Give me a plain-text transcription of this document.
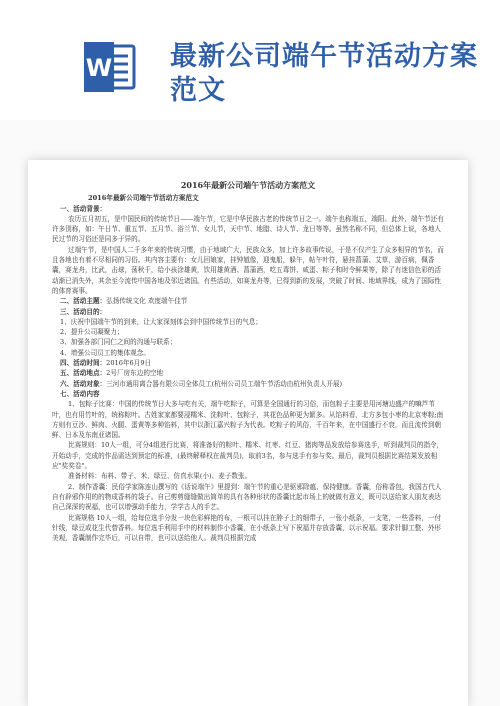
W 最新公司端午节活动方案范文
2016年最新公司端午节活动方案范文
2016年最新公司端午节活动方案范文
一、活动背景：
农历五月初五，是中国民间的传统节日——端午节，它是中华民族古老的传统节日之一。端午也称端五，端阳。此外，端午节还有许多别称，如：午日节、重五节、五月节、浴兰节、女儿节，天中节、地腊、诗人节、龙日等等。虽然名称不同，但总体上说，各地人民过节的习俗还是同多于异的。
过端午节，是中国人二千多年来的传统习惯，由于地域广大，民族众多，加上许多故事传说，于是不仅产生了众多相异的节名，而且各地也有着不尽相同的习俗。其内容主要有：女儿回娘家，挂钟馗像，迎鬼船，躲午，帖午叶符，悬挂菖蒲、艾草，游百病，佩香囊，赛龙舟，比武，击球，荡秋千，给小孩涂雄黄，饮用雄黄酒、菖蒲酒，吃五毒饼、咸蛋、粽子和时令鲜果等，除了有迷信色彩的活动渐已消失外，其余至今流传中国各地及邻近诸国。有些活动，如赛龙舟等，已得到新的发展，突破了时间、地域界线，成为了国际性的体育赛事。
二、活动主题：弘扬传统文化 欢度端午佳节
三、活动目的：
1、庆祝中国端午节的到来，让大家深刻体会到中国传统节日的气息；
2、提升公司凝聚力；
3、加强各部门同仁之间的沟通与联系；
4、增强公司员工的集体观念。
四、活动时间：2016年6月9日
五、活动地点：2号厂房东边的空地
六、活动对象：三河市通用离合器有限公司全体员工(杭州公司员工端午节活动由杭州负责人开展)
七、活动内容
1、包粽子比赛：中国的传统节日大多与吃有关，端午吃粽子，可算是全国通行的习俗，而包粽子主要是用河塘边盛产的嘛芦苇叶，也有用竹叶的，统称粽叶。古姓家家都要浸糯米、洗粽叶、包粽子，其花色品种更为繁多。从馅料看，北方多包小枣的北京枣粽;南方则有豆沙、鲜肉、火腿、蛋黄等多种馅料，其中以浙江嘉兴粽子为代表。吃粽子的风俗，千百年来，在中国盛行不衰，而且流传到朝鲜、日本及东南亚诸国。
比赛规则：10人一组，可分4组进行比赛，将准备好的粽叶、糯米、红枣、红豆、猪肉等品发放给参赛选手，听到裁判员的指令，开始动手，完成的作品需达到预定的标准，(最终解释权在裁判员)，取前3名，参与选手有参与奖。最后，裁判员根据比赛结果发放相应"奖奖卷"。
准备材料：布料、带子、米、绿豆、仿真水果(小)、麦子数张。
2、制作香囊：民俗学家陈连山撰写的《话说端午》里提到：端午节的重心是驱邪除瘟、保持健康。香囊，俗称香包，我国古代人自有辟邪作用的的物成香料的袋子。自己剪剪缝缝做出简单的具有各种形状的香囊比起市场上的就做有意义，既可以送给家人朋友表达自己深深的祝福，也可以增强动手能力，学学古人的手艺。
比赛规格 10人一组，给每位选手分发一块色彩鲜艳的布，一根可以挂在脖子上的细带子，一张小纸条，一支笔，一些香料，一付针线，绿豆或花生代替香料。每位选手利用手中的材料制作小香囊，在小纸条上写下祝福并存放香囊，以示祝福。要求针脚工整、外形美观，香囊制作完毕后，可以自带，也可以送给他人。裁判员根据完成
